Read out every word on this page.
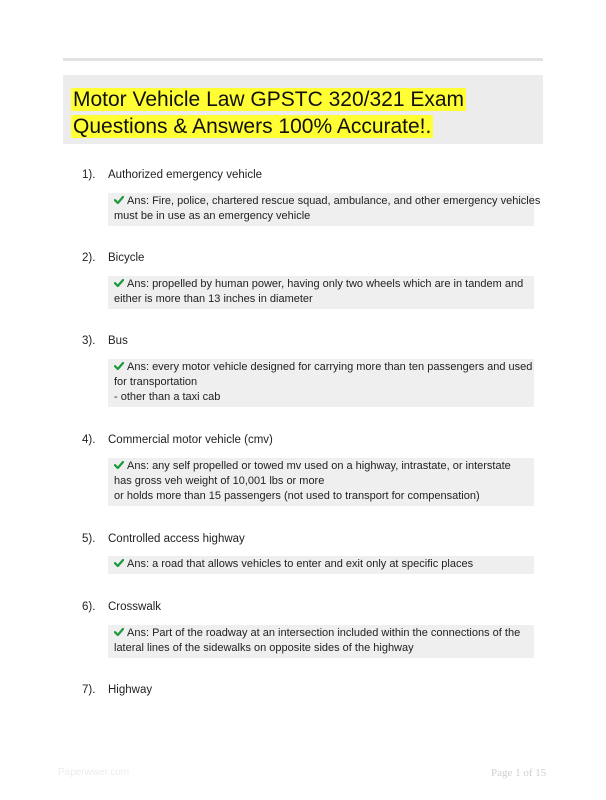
Motor Vehicle Law GPSTC 320/321 Exam
Questions & Answers 100% Accurate!.
1). Authorized emergency vehicle
Ans: Fire, police, chartered rescue squad, ambulance, and other emergency vehicles
must be in use as an emergency vehicle
2). Bicycle
Ans: propelled by human power, having only two wheels which are in tandem and
either is more than 13 inches in diameter
3). Bus
Ans: every motor vehicle designed for carrying more than ten passengers and used
for transportation
- other than a taxi cab
4). Commercial motor vehicle (cmv)
Ans: any self propelled or towed mv used on a highway, intrastate, or interstate
has gross veh weight of 10,001 lbs or more
or holds more than 15 passengers (not used to transport for compensation)
5). Controlled access highway
Ans: a road that allows vehicles to enter and exit only at specific places
6). Crosswalk
Ans: Part of the roadway at an intersection included within the connections of the
lateral lines of the sidewalks on opposite sides of the highway
7). Highway
Paperwiser.com	Page 1 of 15
